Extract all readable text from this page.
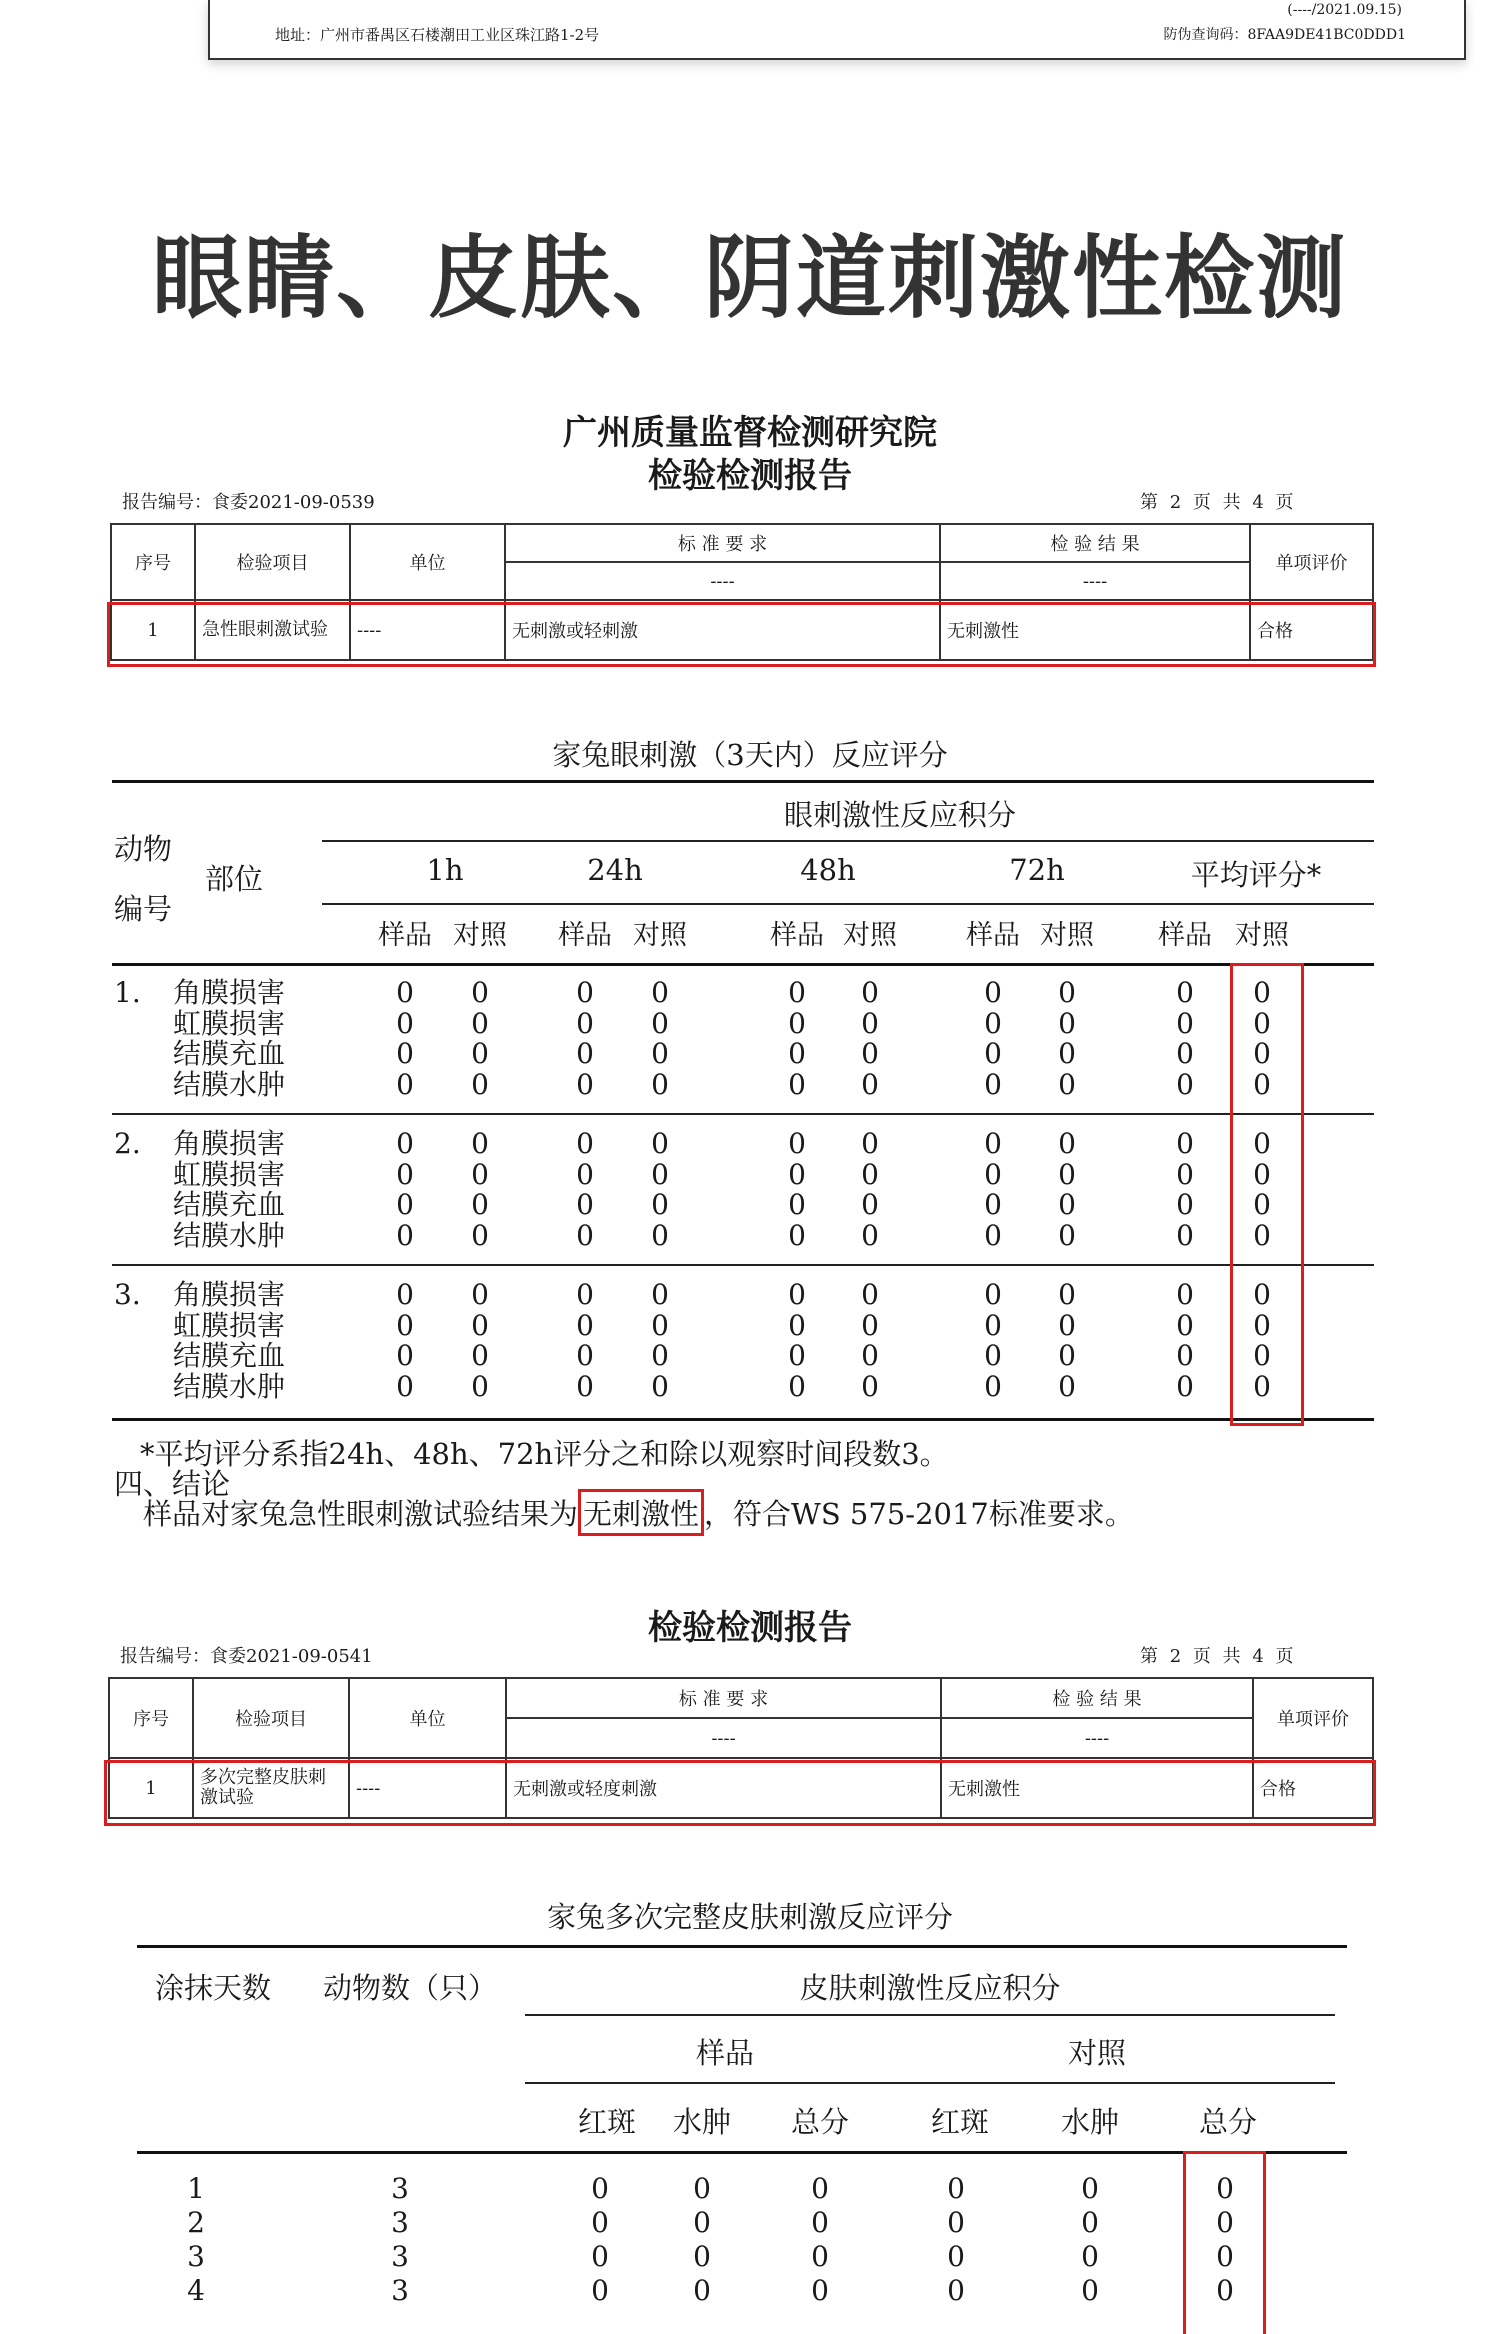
地址：广州市番禺区石楼潮田工业区珠江路1-2号
(----/2021.09.15)
防伪查询码：8FAA9DE41BC0DDD1
眼睛、皮肤、阴道刺激性检测
广州质量监督检测研究院
检验检测报告
报告编号：食委2021-09-0539	第 2 页 共 4 页
序号	检验项目	单位	标 准 要 求	检 验 结 果	单项评价
			----	----	
1	急性眼刺激试验	----	无刺激或轻刺激	无刺激性	合格
家兔眼刺激（3天内）反应评分
眼刺激性反应积分
动物
编号
部位	1h	24h	48h	72h	平均评分*
样品 对照	样品 对照	样品 对照	样品 对照	样品 对照
1. 角膜损害	0 0	0 0	0 0	0 0	0 0
虹膜损害	0 0	0 0	0 0	0 0	0 0
结膜充血	0 0	0 0	0 0	0 0	0 0
结膜水肿	0 0	0 0	0 0	0 0	0 0
2. 角膜损害	0 0	0 0	0 0	0 0	0 0
虹膜损害	0 0	0 0	0 0	0 0	0 0
结膜充血	0 0	0 0	0 0	0 0	0 0
结膜水肿	0 0	0 0	0 0	0 0	0 0
3. 角膜损害	0 0	0 0	0 0	0 0	0 0
虹膜损害	0 0	0 0	0 0	0 0	0 0
结膜充血	0 0	0 0	0 0	0 0	0 0
结膜水肿	0 0	0 0	0 0	0 0	0 0
*平均评分系指24h、48h、72h评分之和除以观察时间段数3。
四、结论
样品对家兔急性眼刺激试验结果为 无刺激性 ，符合WS 575-2017标准要求。
检验检测报告
报告编号：食委2021-09-0541	第 2 页 共 4 页
序号	检验项目	单位	标 准 要 求	检 验 结 果	单项评价
			----	----	
1	多次完整皮肤刺激试验	----	无刺激或轻度刺激	无刺激性	合格
家兔多次完整皮肤刺激反应评分
涂抹天数 动物数（只）	皮肤刺激性反应积分
样品	对照
红斑	水肿	总分	红斑	水肿	总分
1	3	0	0	0	0	0	0
2	3	0	0	0	0	0	0
3	3	0	0	0	0	0	0
4	3	0	0	0	0	0	0
